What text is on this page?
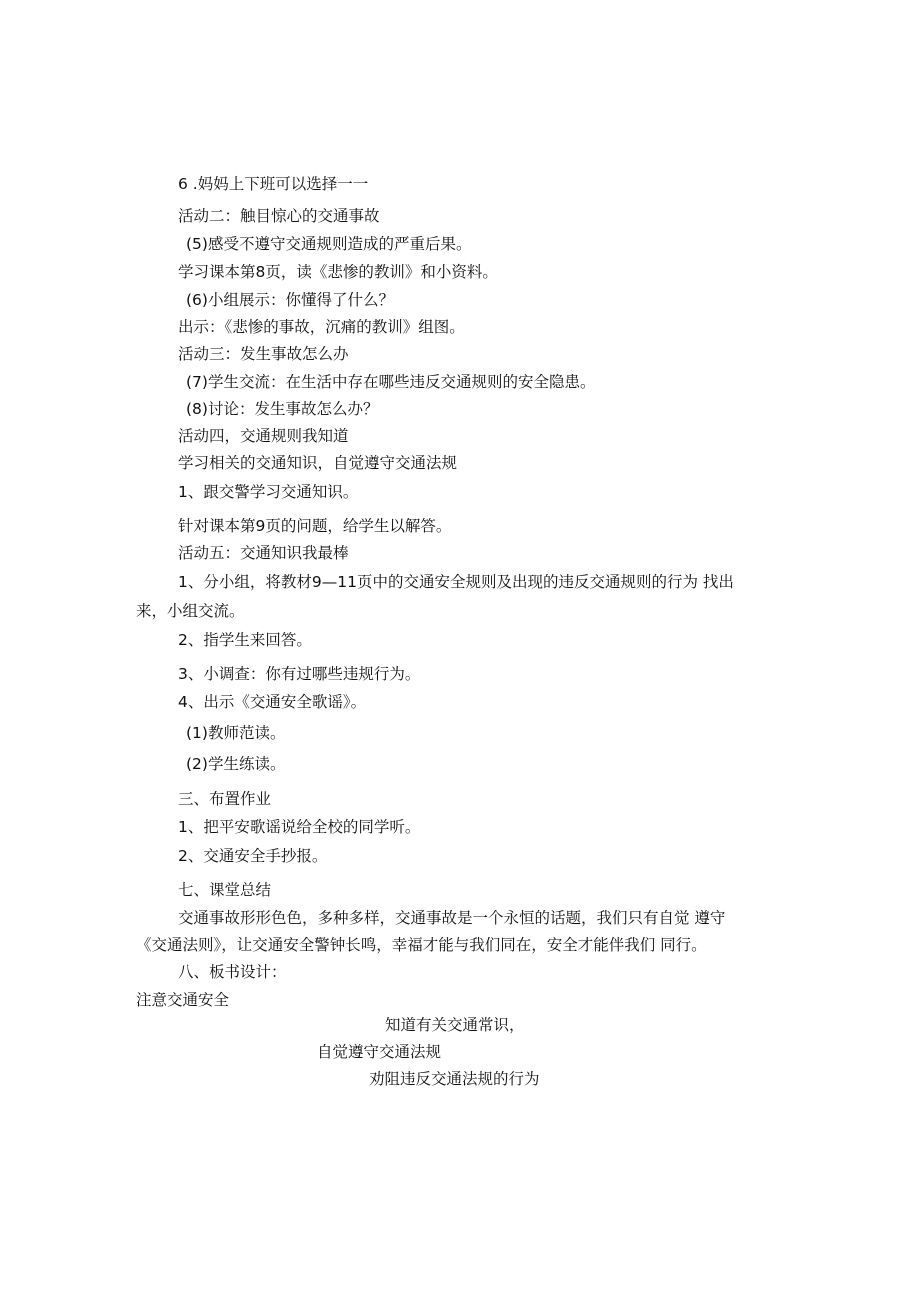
6 .妈妈上下班可以选择一一
活动二：触目惊心的交通事故
(5)感受不遵守交通规则造成的严重后果。
学习课本第8页，读《悲惨的教训》和小资料。
(6)小组展示：你懂得了什么？
出示：《悲惨的事故，沉痛的教训》组图。
活动三：发生事故怎么办
(7)学生交流：在生活中存在哪些违反交通规则的安全隐患。
(8)讨论：发生事故怎么办？
活动四，交通规则我知道
学习相关的交通知识，自觉遵守交通法规
1、跟交警学习交通知识。
针对课本第9页的问题，给学生以解答。
活动五：交通知识我最棒
1、分小组，将教材9—11页中的交通安全规则及出现的违反交通规则的行为 找出
来，小组交流。
2、指学生来回答。
3、小调查：你有过哪些违规行为。
4、出示《交通安全歌谣》。
(1)教师范读。
(2)学生练读。
三、布置作业
1、把平安歌谣说给全校的同学听。
2、交通安全手抄报。
七、课堂总结
交通事故形形色色，多种多样，交通事故是一个永恒的话题，我们只有自觉 遵守
《交通法则》，让交通安全警钟长鸣，幸福才能与我们同在，安全才能伴我们 同行。
八、板书设计：
注意交通安全
知道有关交通常识，
自觉遵守交通法规
劝阻违反交通法规的行为
